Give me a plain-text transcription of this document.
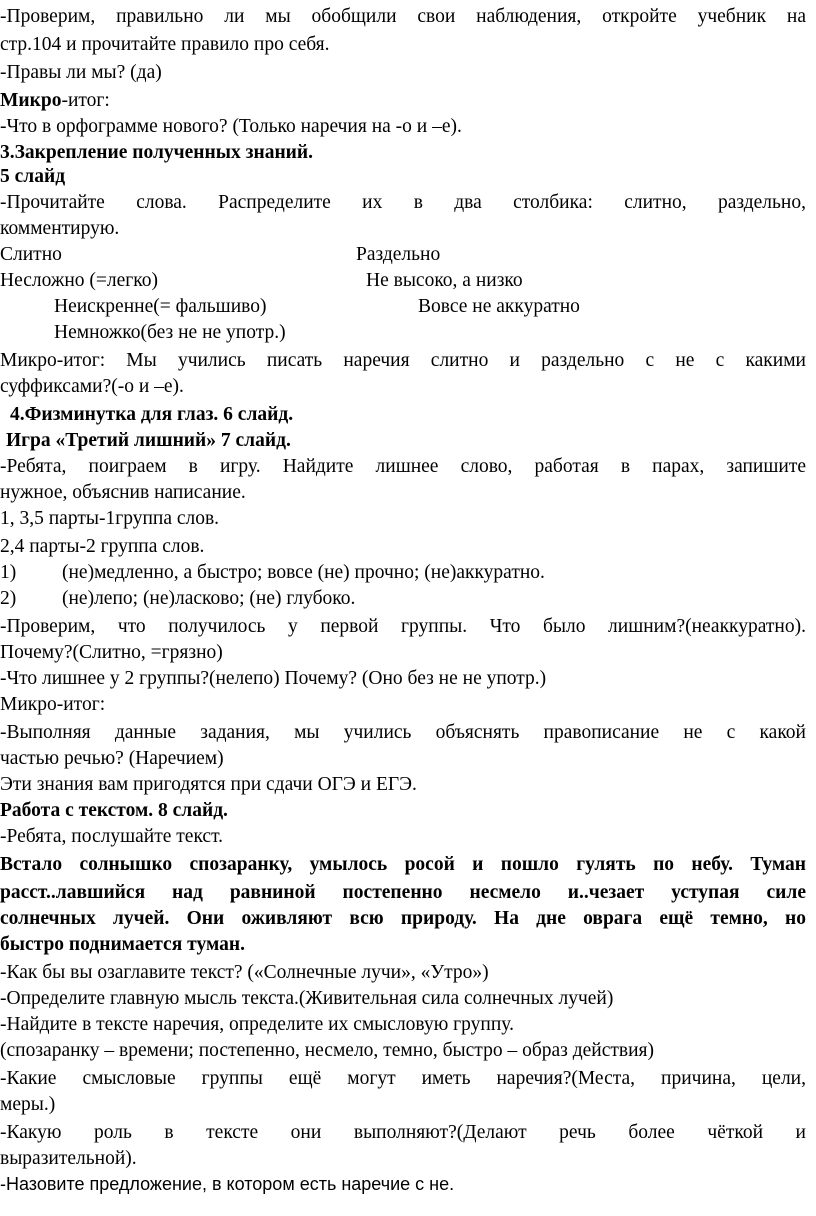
-Проверим, правильно ли мы обобщили свои наблюдения, откройте учебник на
стр.104 и прочитайте правило про себя.
-Правы ли мы? (да)
Микро-итог:
-Что в орфограмме нового? (Только наречия на -о и –е).
3.Закрепление полученных знаний.
5 слайд
-Прочитайте слова. Распределите их в два столбика: слитно, раздельно,
комментирую.
Слитно	Раздельно
Несложно (=легко)	Не высоко, а низко
Неискренне(= фальшиво)	Вовсе не аккуратно
Немножко(без не не употр.)
Микро-итог: Мы учились писать наречия слитно и раздельно с не с какими
суффиксами?(-о и –е).
4.Физминутка для глаз. 6 слайд.
Игра «Третий лишний» 7 слайд.
-Ребята, поиграем в игру. Найдите лишнее слово, работая в парах, запишите
нужное, объяснив написание.
1, 3,5 парты-1группа слов.
2,4 парты-2 группа слов.
1) (не)медленно, а быстро; вовсе (не) прочно; (не)аккуратно.
2) (не)лепо; (не)ласково; (не) глубоко.
-Проверим, что получилось у первой группы. Что было лишним?(неаккуратно).
Почему?(Слитно, =грязно)
-Что лишнее у 2 группы?(нелепо) Почему? (Оно без не не употр.)
Микро-итог:
-Выполняя данные задания, мы учились объяснять правописание не с какой
частью речью? (Наречием)
Эти знания вам пригодятся при сдачи ОГЭ и ЕГЭ.
Работа с текстом. 8 слайд.
-Ребята, послушайте текст.
Встало солнышко спозаранку, умылось росой и пошло гулять по небу. Туман
расст..лавшийся над равниной постепенно несмело и..чезает уступая силе
солнечных лучей. Они оживляют всю природу. На дне оврага ещё темно, но
быстро поднимается туман.
-Как бы вы озаглавите текст? («Солнечные лучи», «Утро»)
-Определите главную мысль текста.(Живительная сила солнечных лучей)
-Найдите в тексте наречия, определите их смысловую группу.
(спозаранку – времени; постепенно, несмело, темно, быстро – образ действия)
-Какие смысловые группы ещё могут иметь наречия?(Места, причина, цели,
меры.)
-Какую роль в тексте они выполняют?(Делают речь более чёткой и
выразительной).
-Назовите предложение, в котором есть наречие с не.
